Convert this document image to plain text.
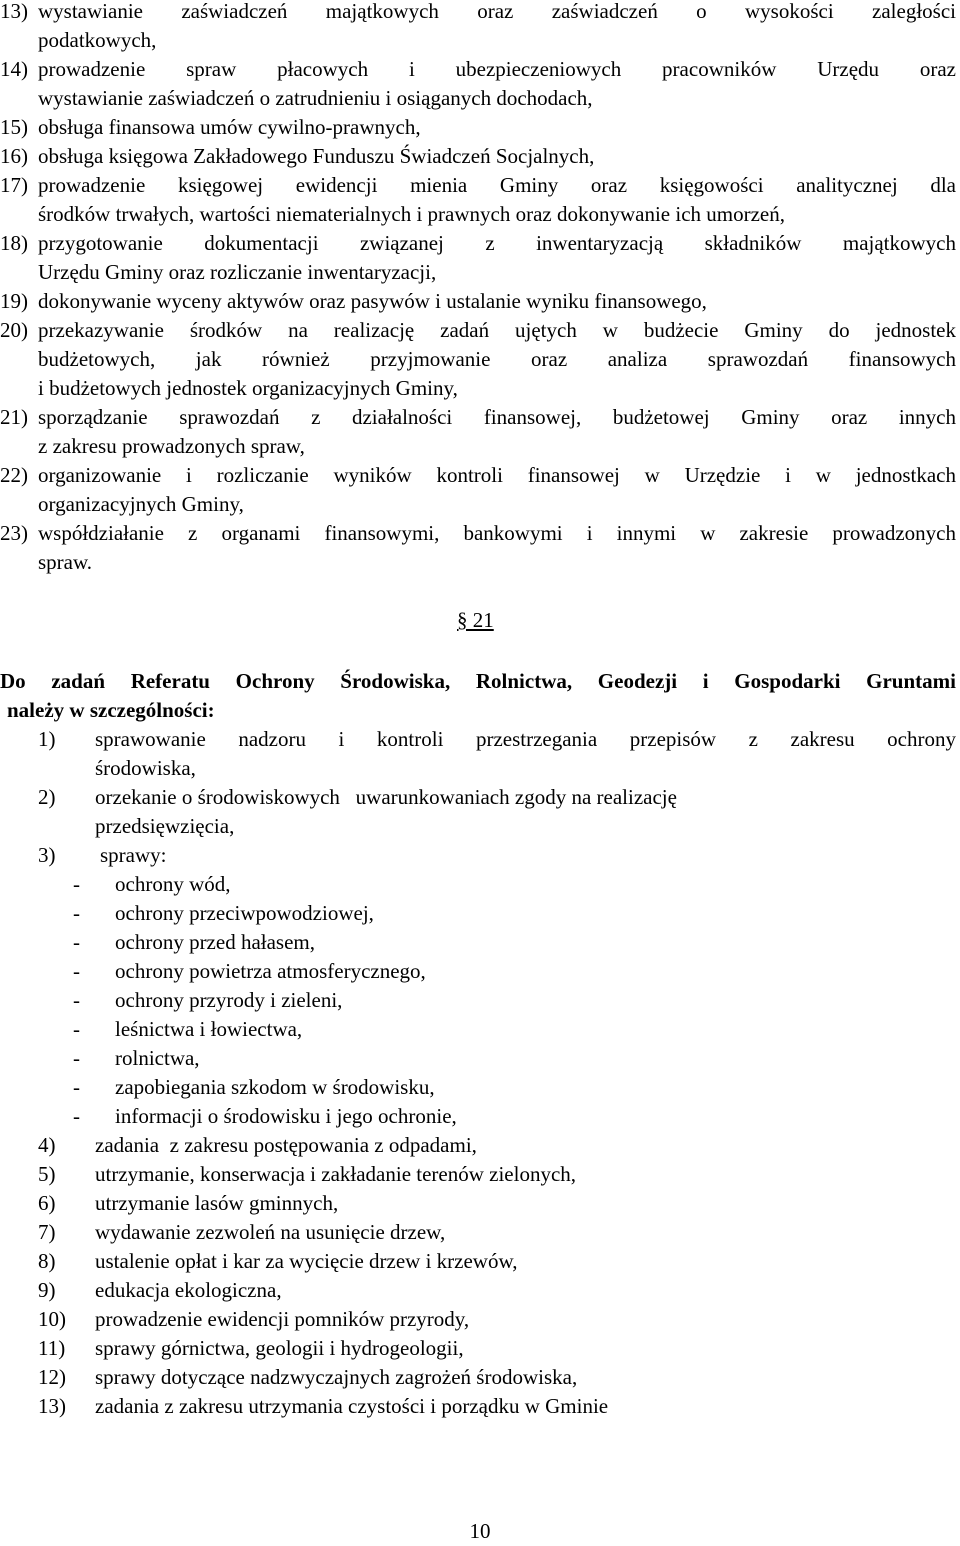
13) wystawianie zaświadczeń majątkowych oraz zaświadczeń o wysokości zaległości
podatkowych,
14) prowadzenie spraw płacowych i ubezpieczeniowych pracowników Urzędu oraz
wystawianie zaświadczeń o zatrudnieniu i osiąganych dochodach,
15) obsługa finansowa umów cywilno-prawnych,
16) obsługa księgowa Zakładowego Funduszu Świadczeń Socjalnych,
17) prowadzenie księgowej ewidencji mienia Gminy oraz księgowości analitycznej dla
środków trwałych, wartości niematerialnych i prawnych oraz dokonywanie ich umorzeń,
18) przygotowanie dokumentacji związanej z inwentaryzacją składników majątkowych
Urzędu Gminy oraz rozliczanie inwentaryzacji,
19) dokonywanie wyceny aktywów oraz pasywów i ustalanie wyniku finansowego,
20) przekazywanie środków na realizację zadań ujętych w budżecie Gminy do jednostek
budżetowych, jak również przyjmowanie oraz analiza sprawozdań finansowych
i budżetowych jednostek organizacyjnych Gminy,
21) sporządzanie sprawozdań z działalności finansowej, budżetowej Gminy oraz innych
z zakresu prowadzonych spraw,
22) organizowanie i rozliczanie wyników kontroli finansowej w Urzędzie i w jednostkach
organizacyjnych Gminy,
23) współdziałanie z organami finansowymi, bankowymi i innymi w zakresie prowadzonych
spraw.
§ 21
Do zadań Referatu Ochrony Środowiska, Rolnictwa, Geodezji i Gospodarki Gruntami
należy w szczególności:
1) sprawowanie nadzoru i kontroli przestrzegania przepisów z zakresu ochrony
środowiska,
2) orzekanie o środowiskowych   uwarunkowaniach zgody na realizację
przedsięwzięcia,
3) sprawy:
- ochrony wód,
- ochrony przeciwpowodziowej,
- ochrony przed hałasem,
- ochrony powietrza atmosferycznego,
- ochrony przyrody i zieleni,
- leśnictwa i łowiectwa,
- rolnictwa,
- zapobiegania szkodom w środowisku,
- informacji o środowisku i jego ochronie,
4) zadania  z zakresu postępowania z odpadami,
5) utrzymanie, konserwacja i zakładanie terenów zielonych,
6) utrzymanie lasów gminnych,
7) wydawanie zezwoleń na usunięcie drzew,
8) ustalenie opłat i kar za wycięcie drzew i krzewów,
9) edukacja ekologiczna,
10) prowadzenie ewidencji pomników przyrody,
11) sprawy górnictwa, geologii i hydrogeologii,
12) sprawy dotyczące nadzwyczajnych zagrożeń środowiska,
13) zadania z zakresu utrzymania czystości i porządku w Gminie
10
